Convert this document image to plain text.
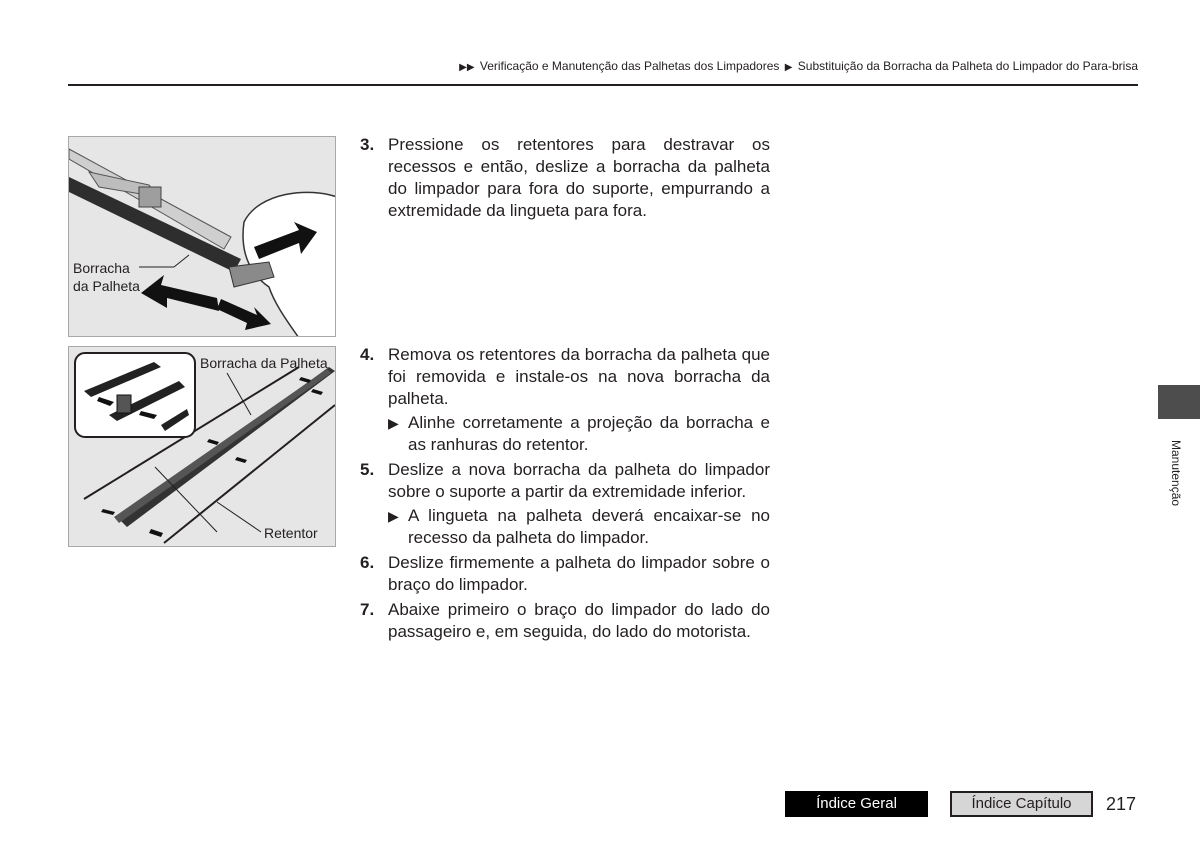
▶▶ Verificação e Manutenção das Palhetas dos Limpadores ▶ Substituição da Borracha da Palheta do Limpador do Para-brisa
Borracha
da Palheta
Borracha da Palheta
Retentor
3. Pressione os retentores para destravar os recessos e então, deslize a borracha da palheta do limpador para fora do suporte, empurrando a extremidade da lingueta para fora.
4. Remova os retentores da borracha da palheta que foi removida e instale-os na nova borracha da palheta.
▶ Alinhe corretamente a projeção da borracha e as ranhuras do retentor.
5. Deslize a nova borracha da palheta do limpador sobre o suporte a partir da extremidade inferior.
▶ A lingueta na palheta deverá encaixar-se no recesso da palheta do limpador.
6. Deslize firmemente a palheta do limpador sobre o braço do limpador.
7. Abaixe primeiro o braço do limpador do lado do passageiro e, em seguida, do lado do motorista.
Manutenção
Índice Geral	Índice Capítulo	217
